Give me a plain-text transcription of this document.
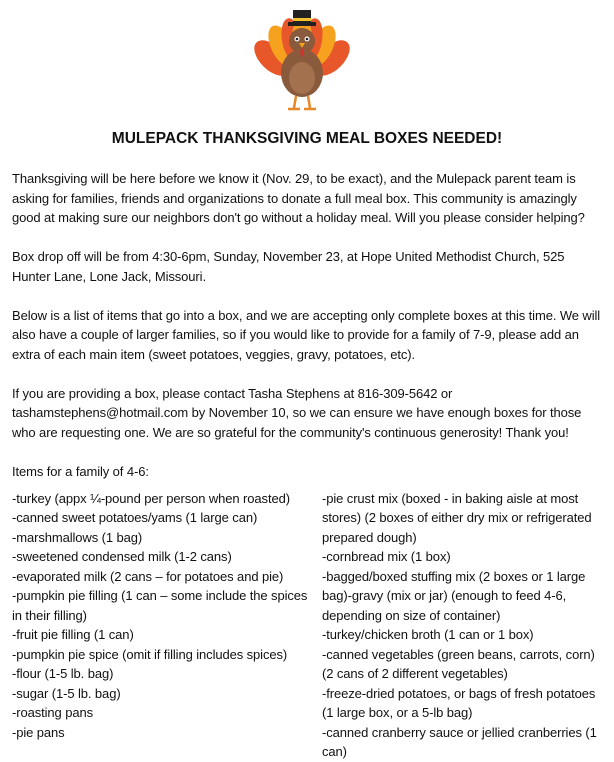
MULEPACK THANKSGIVING MEAL BOXES NEEDED!

Thanksgiving will be here before we know it (Nov. 29, to be exact), and the Mulepack parent team is asking for families, friends and organizations to donate a full meal box. This community is amazingly good at making sure our neighbors don't go without a holiday meal. Will you please consider helping?

Box drop off will be from 4:30-6pm, Sunday, November 23, at Hope United Methodist Church, 525 Hunter Lane, Lone Jack, Missouri.

Below is a list of items that go into a box, and we are accepting only complete boxes at this time. We will also have a couple of larger families, so if you would like to provide for a family of 7-9, please add an extra of each main item (sweet potatoes, veggies, gravy, potatoes, etc).

If you are providing a box, please contact Tasha Stephens at 816-309-5642 or tashamstephens@hotmail.com by November 10, so we can ensure we have enough boxes for those who are requesting one. We are so grateful for the community's continuous generosity! Thank you!

Items for a family of 4-6:

-turkey (appx ¼-pound per person when roasted)
-canned sweet potatoes/yams (1 large can)
-marshmallows (1 bag)
-sweetened condensed milk (1-2 cans)
-evaporated milk (2 cans – for potatoes and pie)
-pumpkin pie filling (1 can – some include the spices in their filling)
-fruit pie filling (1 can)
-pumpkin pie spice (omit if filling includes spices)
-flour (1-5 lb. bag)
-sugar (1-5 lb. bag)
-roasting pans
-pie pans
-pie crust mix (boxed - in baking aisle at most stores) (2 boxes of either dry mix or refrigerated prepared dough)
-cornbread mix (1 box)
-bagged/boxed stuffing mix (2 boxes or 1 large bag)-gravy (mix or jar) (enough to feed 4-6, depending on size of container)
-turkey/chicken broth (1 can or 1 box)
-canned vegetables (green beans, carrots, corn) (2 cans of 2 different vegetables)
-freeze-dried potatoes, or bags of fresh potatoes (1 large box, or a 5-lb bag)
-canned cranberry sauce or jellied cranberries (1 can)
